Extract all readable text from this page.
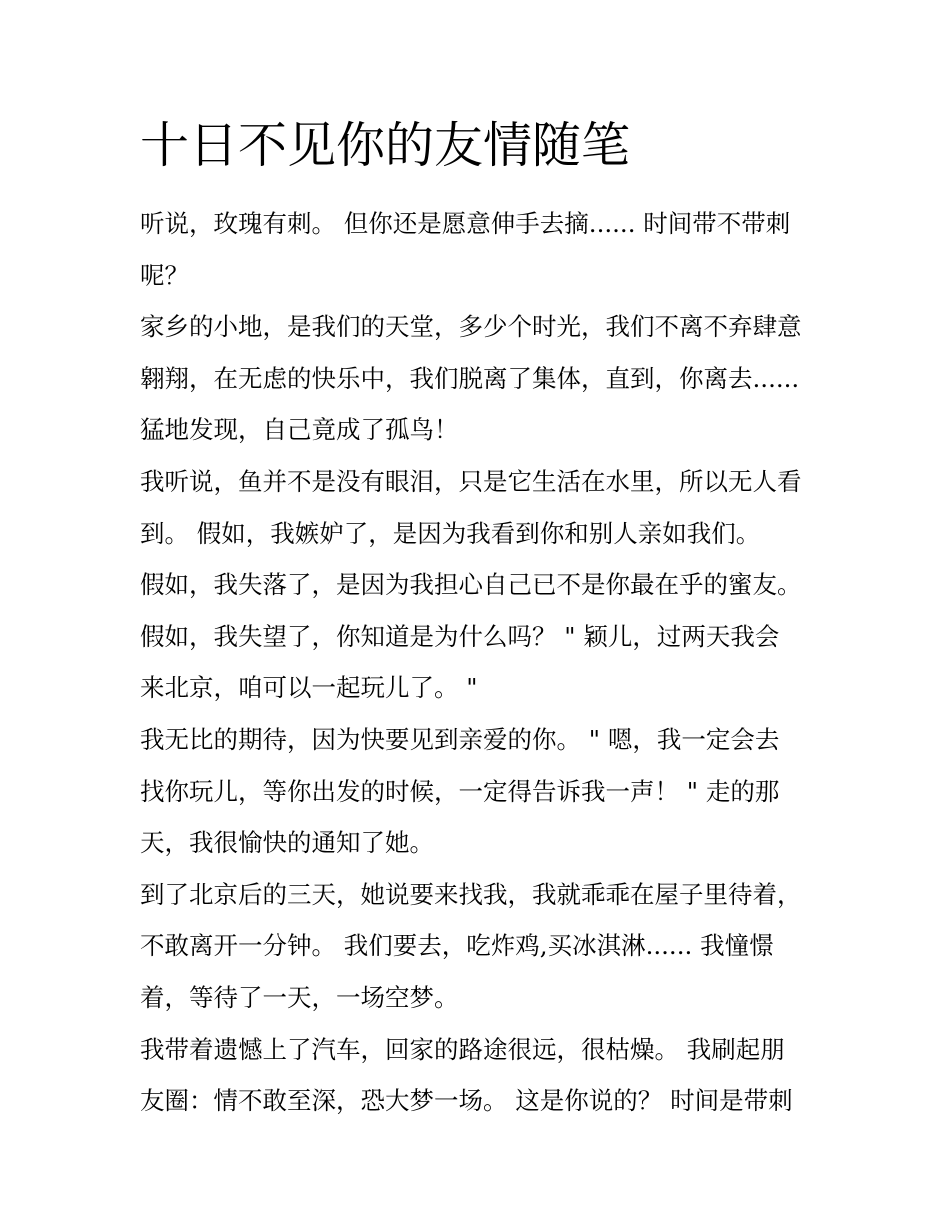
十日不见你的友情随笔
听说，玫瑰有刺。 但你还是愿意伸手去摘...... 时间带不带刺
呢？
家乡的小地，是我们的天堂，多少个时光，我们不离不弃肆意
翱翔，在无虑的快乐中，我们脱离了集体，直到，你离去......
猛地发现，自己竟成了孤鸟！
我听说，鱼并不是没有眼泪，只是它生活在水里，所以无人看
到。 假如，我嫉妒了，是因为我看到你和别人亲如我们。
假如，我失落了，是因为我担心自己已不是你最在乎的蜜友。
假如，我失望了，你知道是为什么吗？ " 颖儿，过两天我会
来北京，咱可以一起玩儿了。 "
我无比的期待，因为快要见到亲爱的你。 " 嗯，我一定会去
找你玩儿，等你出发的时候，一定得告诉我一声！ " 走的那
天，我很愉快的通知了她。
到了北京后的三天，她说要来找我，我就乖乖在屋子里待着，
不敢离开一分钟。 我们要去，吃炸鸡,买冰淇淋...... 我憧憬
着，等待了一天，一场空梦。
我带着遗憾上了汽车，回家的路途很远，很枯燥。 我刷起朋
友圈：情不敢至深，恐大梦一场。 这是你说的？ 时间是带刺
